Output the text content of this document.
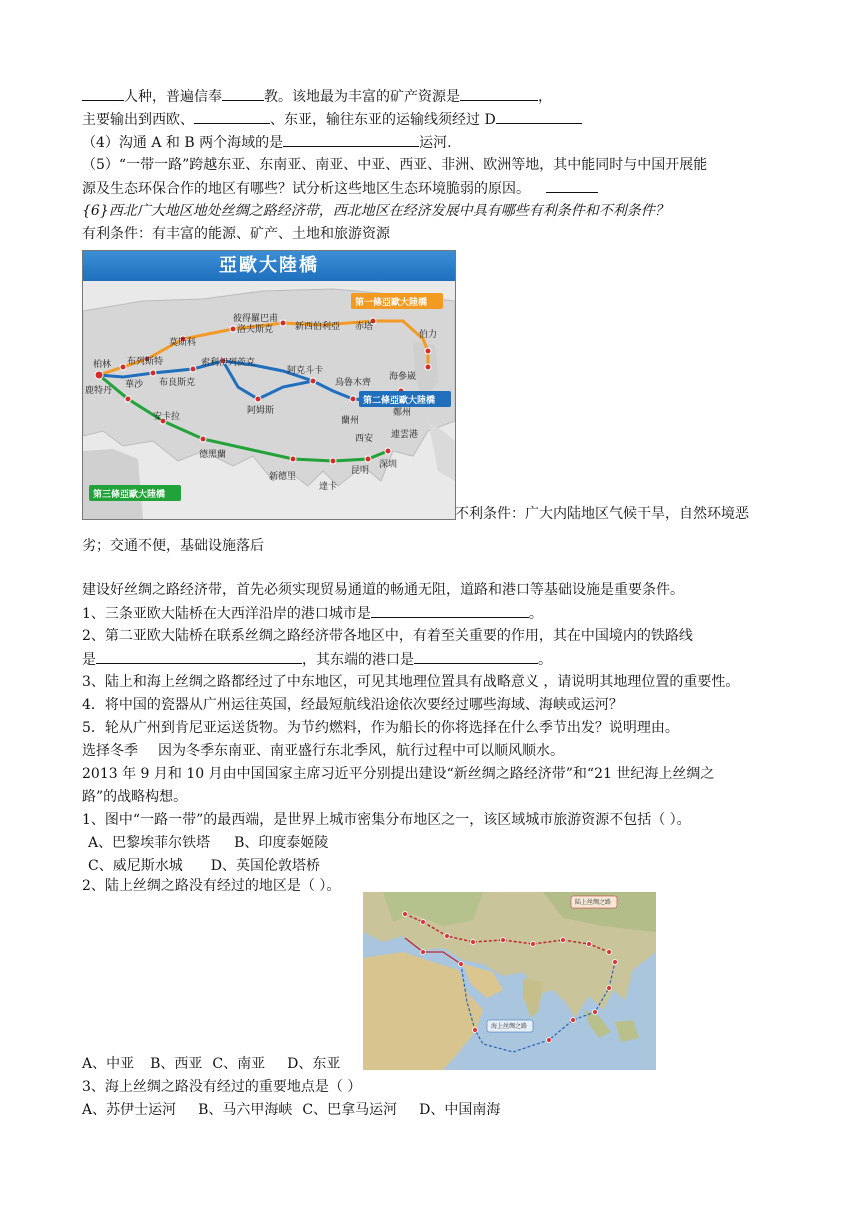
人种，普遍信奉	教。该地最为丰富的矿产资源是	，
主要输出到西欧、	、东亚，输往东亚的运输线须经过 D
（4）沟通 A 和 B 两个海域的是	运河.
（5）“一带一路”跨越东亚、东南亚、南亚、中亚、西亚、非洲、欧洲等地，其中能同时与中国开展能
源及生态环保合作的地区有哪些？试分析这些地区生态环境脆弱的原因。
{6}西北广大地区地处丝绸之路经济带，西北地区在经济发展中具有哪些有利条件和不利条件？
有利条件：有丰富的能源、矿产、土地和旅游资源
亞歐大陸橋
彼得羅巴甫
洛夫斯克 新西伯利亞 赤塔
莫斯科
布列斯特
柏林
鹿特丹
華沙 布良斯克
索利伊列茨克
阿克斗卡
烏魯木齊
安卡拉
阿姆斯
蘭州
鄭州
西安 連雲港
伯力
海參崴
德黑蘭
新德里
達卡
昆明
深圳
第一條亞歐大陸橋
第二條亞歐大陸橋
第三條亞歐大陸橋
不利条件：广大内陆地区气候干旱，自然环境恶
劣；交通不便，基础设施落后
建设好丝绸之路经济带，首先必须实现贸易通道的畅通无阻，道路和港口等基础设施是重要条件。
1、三条亚欧大陆桥在大西洋沿岸的港口城市是	。
2、第二亚欧大陆桥在联系丝绸之路经济带各地区中，有着至关重要的作用，其在中国境内的铁路线
是	，其东端的港口是	。
3、陆上和海上丝绸之路都经过了中东地区，可见其地理位置具有战略意义 ，请说明其地理位置的重要性。
4．将中国的瓷器从广州运往英国，经最短航线沿途依次要经过哪些海域、海峡或运河？
5．轮从广州到肯尼亚运送货物。为节约燃料，作为船长的你将选择在什么季节出发？说明理由。
选择冬季 因为冬季东南亚、南亚盛行东北季风，航行过程中可以顺风顺水。
2013 年 9 月和 10 月由中国国家主席习近平分别提出建设“新丝绸之路经济带”和“21 世纪海上丝绸之
路”的战略构想。
1、图中“一路一带”的最西端，是世界上城市密集分布地区之一，该区域城市旅游资源不包括（ ）。
A、巴黎埃菲尔铁塔 B、印度泰姬陵
C、威尼斯水城 D、英国伦敦塔桥
2、陆上丝绸之路没有经过的地区是（ ）。
陆上丝绸之路
海上丝绸之路
A、中亚 B、西亚 C、南亚 D、东亚
3、海上丝绸之路没有经过的重要地点是（ ）
A、苏伊士运河 B、马六甲海峡 C、巴拿马运河 D、中国南海
